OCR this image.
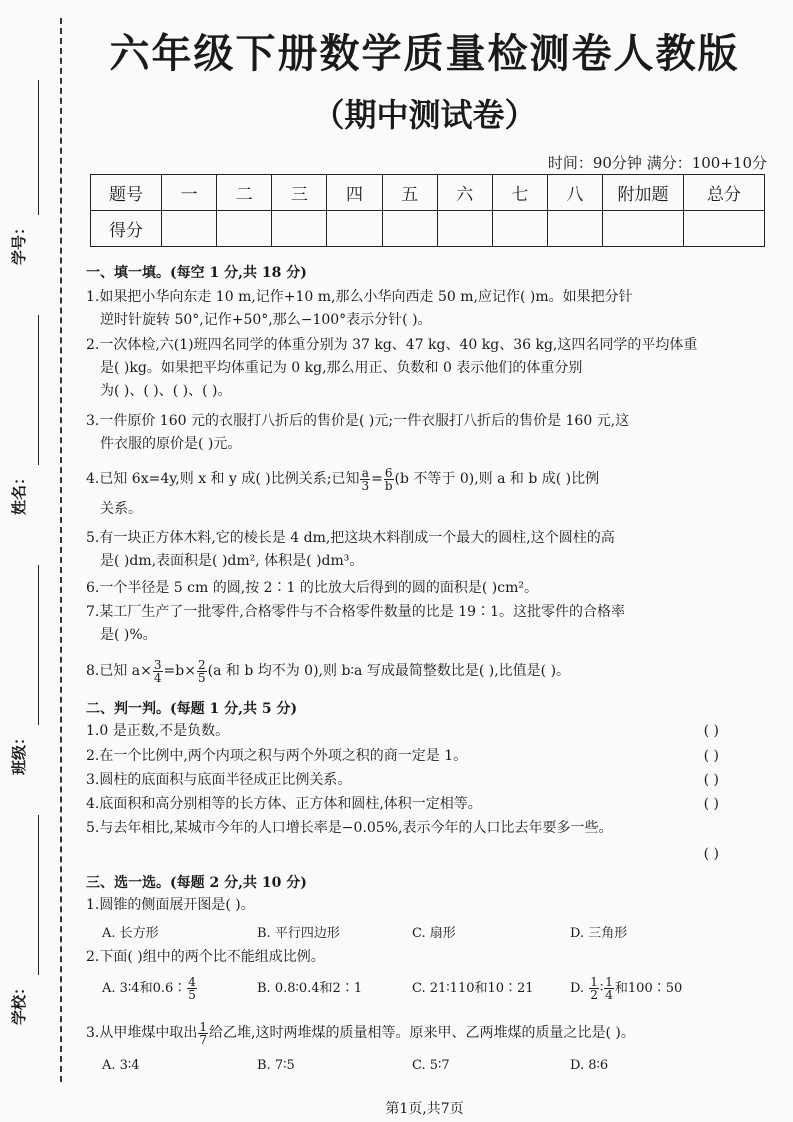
学号：
姓名：
班级：
学校：
六年级下册数学质量检测卷人教版
（期中测试卷）
时间：90分钟 满分：100+10分
题号	一	二	三	四	五	六	七	八	附加题	总分
得分										
一、填一填。(每空 1 分,共 18 分)
1.如果把小华向东走 10 m,记作+10 m,那么小华向西走 50 m,应记作( )m。如果把分针
逆时针旋转 50°,记作+50°,那么−100°表示分针( )。
2.一次体检,六(1)班四名同学的体重分别为 37 kg、47 kg、40 kg、36 kg,这四名同学的平均体重
是( )kg。如果把平均体重记为 0 kg,那么用正、负数和 0 表示他们的体重分别
为( )、( )、( )、( )。
3.一件原价 160 元的衣服打八折后的售价是( )元;一件衣服打八折后的售价是 160 元,这
件衣服的原价是( )元。
4.已知 6x=4y,则 x 和 y 成( )比例关系;已知 $\frac{a}{3} = \frac{6}{b} (b$ 不等于 0),则 a 和 b 成( )比例
关系。
5.有一块正方体木料,它的棱长是 4 dm,把这块木料削成一个最大的圆柱,这个圆柱的高
是( )dm,表面积是( )dm², 体积是( )dm³。
6.一个半径是 5 cm 的圆,按 2∶1 的比放大后得到的圆的面积是( )cm²。
7.某工厂生产了一批零件,合格零件与不合格零件数量的比是 19∶1。这批零件的合格率
是( )%。
8.已知 $a\times \frac{3}{4} =b\times \frac{2}{5} (a$ 和 b 均不为 0),则 b∶a 写成最简整数比是( ),比值是( )。
二、判一判。(每题 1 分,共 5 分)
1.0 是正数,不是负数。	( )
2.在一个比例中,两个内项之积与两个外项之积的商一定是 1。	( )
3.圆柱的底面积与底面半径成正比例关系。	( )
4.底面积和高分别相等的长方体、正方体和圆柱,体积一定相等。	( )
5.与去年相比,某城市今年的人口增长率是−0.05%,表示今年的人口比去年要多一些。
( )
三、选一选。(每题 2 分,共 10 分)
1.圆锥的侧面展开图是( )。
A. 长方形	B. 平行四边形	C. 扇形	D. 三角形
2.下面( )组中的两个比不能组成比例。
A. 3∶4和0.6∶ $\frac{4}{5}$	B. 0.8∶0.4和2∶1	C. 21∶110和10∶21	D. $\frac{1}{2}$ ∶ $\frac{1}{4}$ 和100∶50
3.从甲堆煤中取出 $\frac{1}{7}$ 给乙堆,这时两堆煤的质量相等。原来甲、乙两堆煤的质量之比是( )。
A. 3∶4	B. 7∶5	C. 5∶7	D. 8∶6
第1页,共7页
